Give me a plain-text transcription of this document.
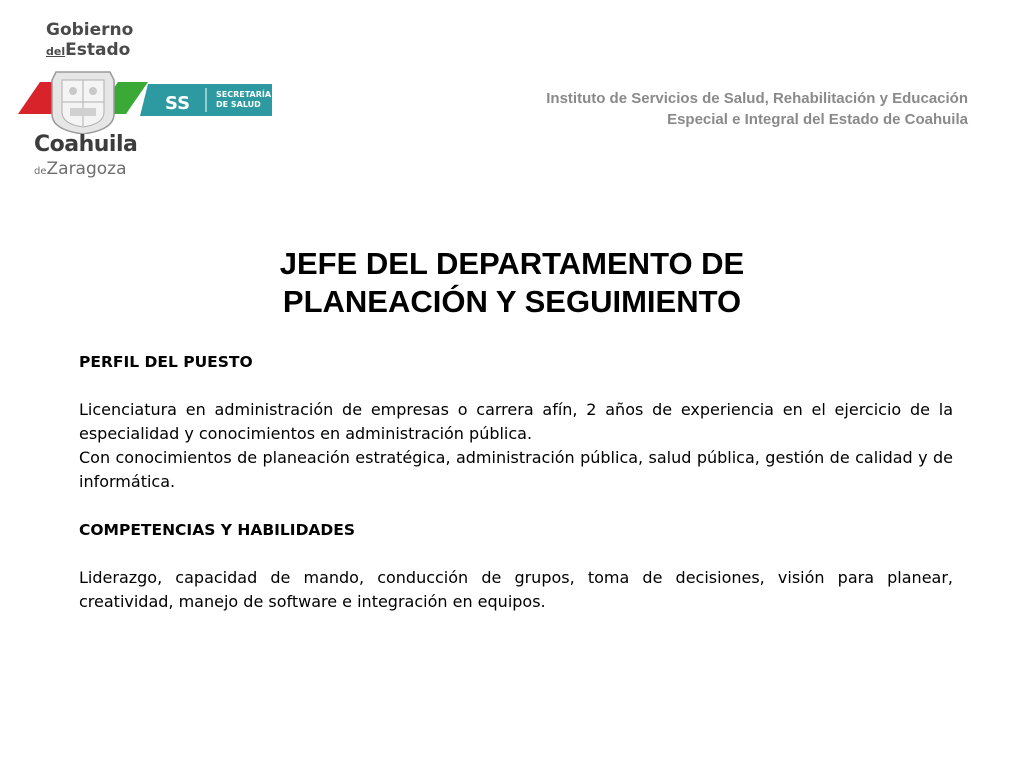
Gobierno
delEstado
SS	SECRETARÍA
DE SALUD
Coahuila
deZaragoza
Instituto de Servicios de Salud, Rehabilitación y Educación
Especial e Integral del Estado de Coahuila
JEFE DEL DEPARTAMENTO DE
PLANEACIÓN Y SEGUIMIENTO

PERFIL DEL PUESTO

Licenciatura en administración de empresas o carrera afín, 2 años de experiencia en el ejercicio de la especialidad y conocimientos en administración pública.

Con conocimientos de planeación estratégica, administración pública, salud pública, gestión de calidad y de informática.

COMPETENCIAS Y HABILIDADES

Liderazgo, capacidad de mando, conducción de grupos, toma de decisiones, visión para planear, creatividad, manejo de software e integración en equipos.
